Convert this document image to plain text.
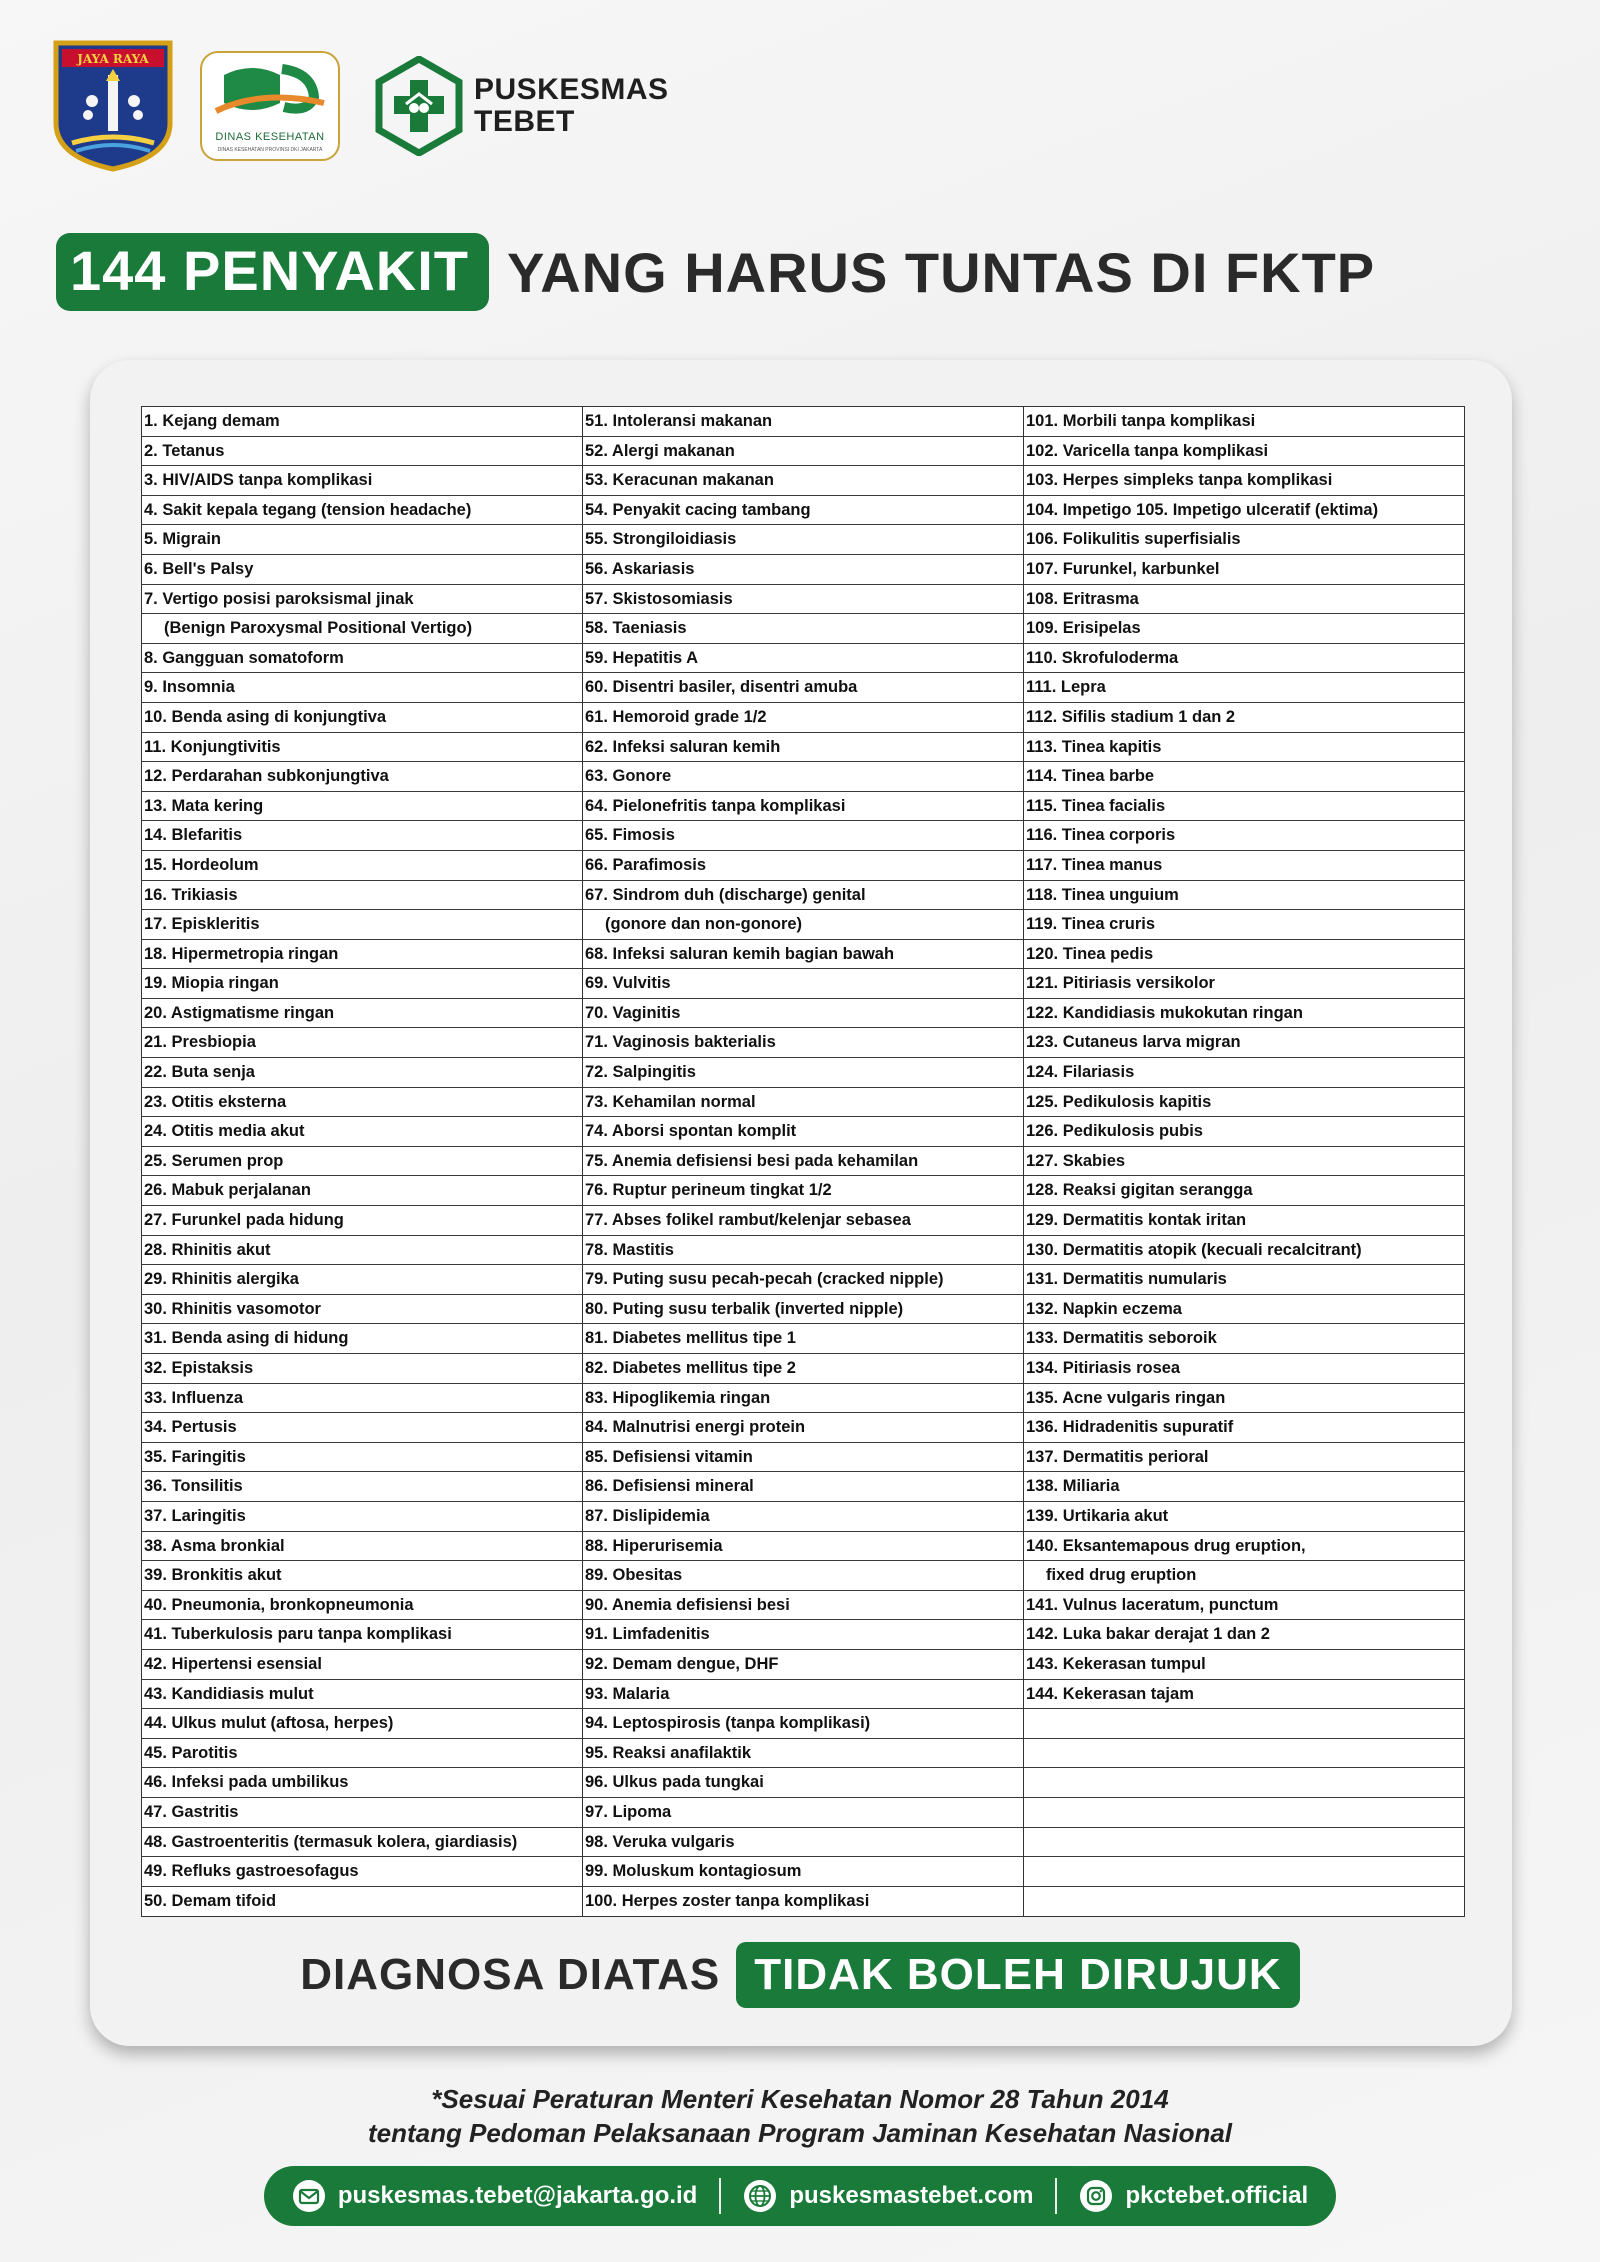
JAYA RAYA
DINAS KESEHATAN
DINAS KESEHATAN PROVINSI DKI JAKARTA
PUSKESMAS
TEBET
144 PENYAKIT YANG HARUS TUNTAS DI FKTP
1. Kejang demam
2. Tetanus
3. HIV/AIDS tanpa komplikasi
4. Sakit kepala tegang (tension headache)
5. Migrain
6. Bell's Palsy
7. Vertigo posisi paroksismal jinak
(Benign Paroxysmal Positional Vertigo)
8. Gangguan somatoform
9. Insomnia
10. Benda asing di konjungtiva
11. Konjungtivitis
12. Perdarahan subkonjungtiva
13. Mata kering
14. Blefaritis
15. Hordeolum
16. Trikiasis
17. Episkleritis
18. Hipermetropia ringan
19. Miopia ringan
20. Astigmatisme ringan
21. Presbiopia
22. Buta senja
23. Otitis eksterna
24. Otitis media akut
25. Serumen prop
26. Mabuk perjalanan
27. Furunkel pada hidung
28. Rhinitis akut
29. Rhinitis alergika
30. Rhinitis vasomotor
31. Benda asing di hidung
32. Epistaksis
33. Influenza
34. Pertusis
35. Faringitis
36. Tonsilitis
37. Laringitis
38. Asma bronkial
39. Bronkitis akut
40. Pneumonia, bronkopneumonia
41. Tuberkulosis paru tanpa komplikasi
42. Hipertensi esensial
43. Kandidiasis mulut
44. Ulkus mulut (aftosa, herpes)
45. Parotitis
46. Infeksi pada umbilikus
47. Gastritis
48. Gastroenteritis (termasuk kolera, giardiasis)
49. Refluks gastroesofagus
50. Demam tifoid
51. Intoleransi makanan
52. Alergi makanan
53. Keracunan makanan
54. Penyakit cacing tambang
55. Strongiloidiasis
56. Askariasis
57. Skistosomiasis
58. Taeniasis
59. Hepatitis A
60. Disentri basiler, disentri amuba
61. Hemoroid grade 1/2
62. Infeksi saluran kemih
63. Gonore
64. Pielonefritis tanpa komplikasi
65. Fimosis
66. Parafimosis
67. Sindrom duh (discharge) genital
(gonore dan non-gonore)
68. Infeksi saluran kemih bagian bawah
69. Vulvitis
70. Vaginitis
71. Vaginosis bakterialis
72. Salpingitis
73. Kehamilan normal
74. Aborsi spontan komplit
75. Anemia defisiensi besi pada kehamilan
76. Ruptur perineum tingkat 1/2
77. Abses folikel rambut/kelenjar sebasea
78. Mastitis
79. Puting susu pecah-pecah (cracked nipple)
80. Puting susu terbalik (inverted nipple)
81. Diabetes mellitus tipe 1
82. Diabetes mellitus tipe 2
83. Hipoglikemia ringan
84. Malnutrisi energi protein
85. Defisiensi vitamin
86. Defisiensi mineral
87. Dislipidemia
88. Hiperurisemia
89. Obesitas
90. Anemia defisiensi besi
91. Limfadenitis
92. Demam dengue, DHF
93. Malaria
94. Leptospirosis (tanpa komplikasi)
95. Reaksi anafilaktik
96. Ulkus pada tungkai
97. Lipoma
98. Veruka vulgaris
99. Moluskum kontagiosum
100. Herpes zoster tanpa komplikasi
101. Morbili tanpa komplikasi
102. Varicella tanpa komplikasi
103. Herpes simpleks tanpa komplikasi
104. Impetigo 105. Impetigo ulceratif (ektima)
106. Folikulitis superfisialis
107. Furunkel, karbunkel
108. Eritrasma
109. Erisipelas
110. Skrofuloderma
111. Lepra
112. Sifilis stadium 1 dan 2
113. Tinea kapitis
114. Tinea barbe
115. Tinea facialis
116. Tinea corporis
117. Tinea manus
118. Tinea unguium
119. Tinea cruris
120. Tinea pedis
121. Pitiriasis versikolor
122. Kandidiasis mukokutan ringan
123. Cutaneus larva migran
124. Filariasis
125. Pedikulosis kapitis
126. Pedikulosis pubis
127. Skabies
128. Reaksi gigitan serangga
129. Dermatitis kontak iritan
130. Dermatitis atopik (kecuali recalcitrant)
131. Dermatitis numularis
132. Napkin eczema
133. Dermatitis seboroik
134. Pitiriasis rosea
135. Acne vulgaris ringan
136. Hidradenitis supuratif
137. Dermatitis perioral
138. Miliaria
139. Urtikaria akut
140. Eksantemapous drug eruption,
fixed drug eruption
141. Vulnus laceratum, punctum
142. Luka bakar derajat 1 dan 2
143. Kekerasan tumpul
144. Kekerasan tajam
DIAGNOSA DIATAS TIDAK BOLEH DIRUJUK
*Sesuai Peraturan Menteri Kesehatan Nomor 28 Tahun 2014
tentang Pedoman Pelaksanaan Program Jaminan Kesehatan Nasional
puskesmas.tebet@jakarta.go.id	puskesmastebet.com	pkctebet.official
